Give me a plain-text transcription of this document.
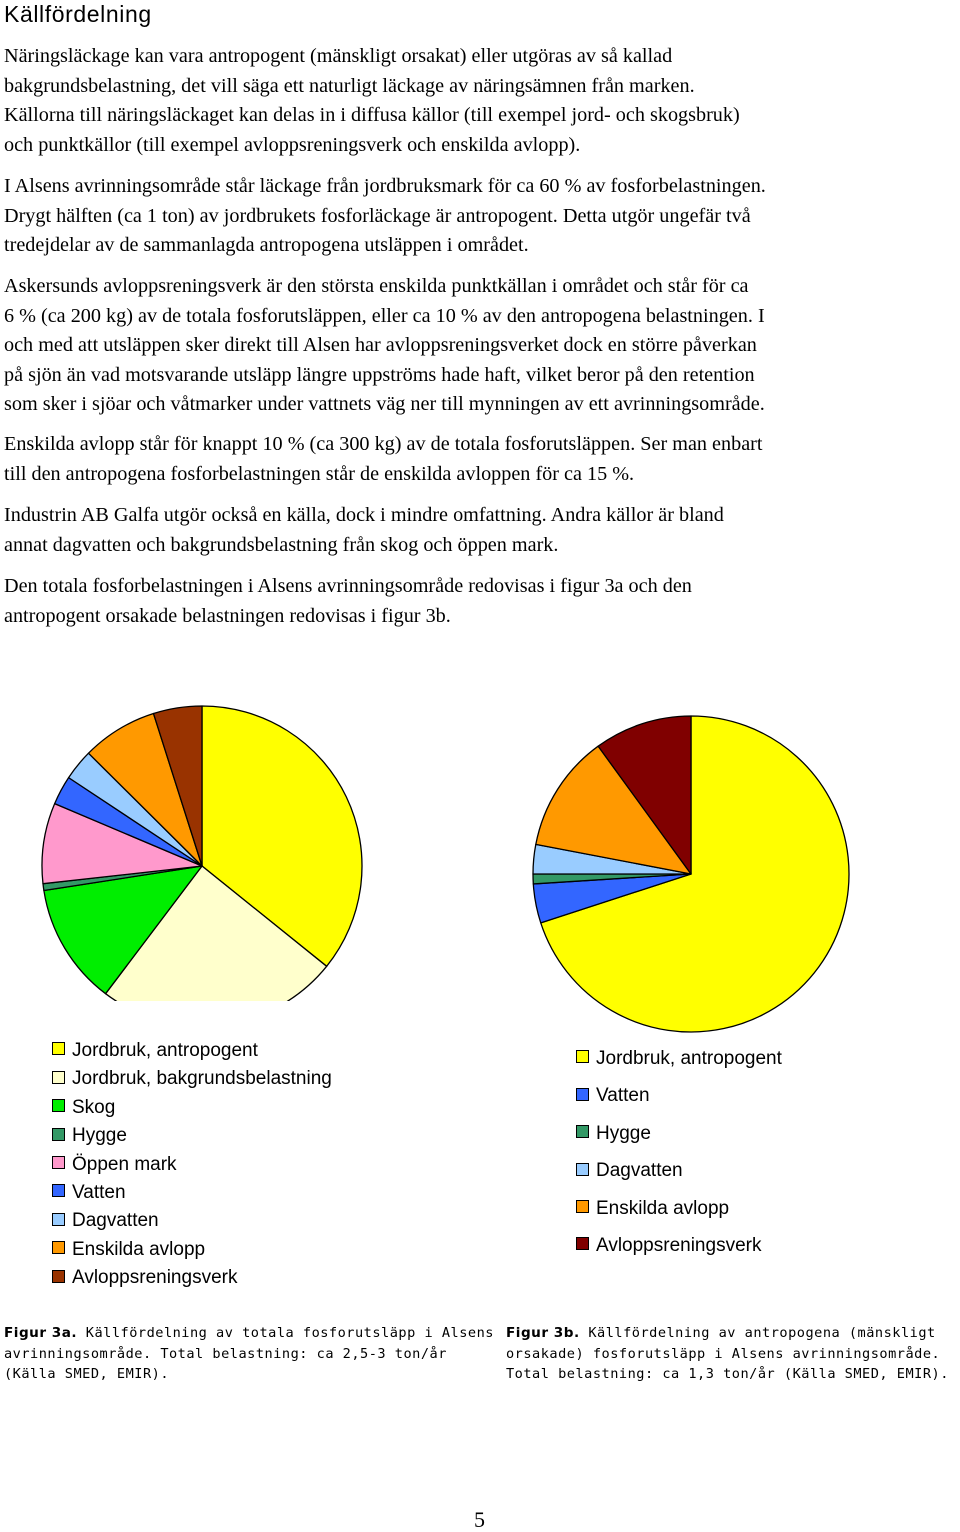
Källfördelning
Näringsläckage kan vara antropogent (mänskligt orsakat) eller utgöras av så kallad
bakgrundsbelastning, det vill säga ett naturligt läckage av näringsämnen från marken.
Källorna till näringsläckaget kan delas in i diffusa källor (till exempel jord- och skogsbruk)
och punktkällor (till exempel avloppsreningsverk och enskilda avlopp).
I Alsens avrinningsområde står läckage från jordbruksmark för ca 60 % av fosforbelastningen.
Drygt hälften (ca 1 ton) av jordbrukets fosforläckage är antropogent. Detta utgör ungefär två
tredejdelar av de sammanlagda antropogena utsläppen i området.
Askersunds avloppsreningsverk är den största enskilda punktkällan i området och står för ca
6 % (ca 200 kg) av de totala fosforutsläppen, eller ca 10 % av den antropogena belastningen. I
och med att utsläppen sker direkt till Alsen har avloppsreningsverket dock en större påverkan
på sjön än vad motsvarande utsläpp längre uppströms hade haft, vilket beror på den retention
som sker i sjöar och våtmarker under vattnets väg ner till mynningen av ett avrinningsområde.
Enskilda avlopp står för knappt 10 % (ca 300 kg) av de totala fosforutsläppen. Ser man enbart
till den antropogena fosforbelastningen står de enskilda avloppen för ca 15 %.
Industrin AB Galfa utgör också en källa, dock i mindre omfattning. Andra källor är bland
annat dagvatten och bakgrundsbelastning från skog och öppen mark.
Den totala fosforbelastningen i Alsens avrinningsområde redovisas i figur 3a och den
antropogent orsakade belastningen redovisas i figur 3b.
Jordbruk, antropogent
Jordbruk, bakgrundsbelastning
Skog
Hygge
Öppen mark
Vatten
Dagvatten
Enskilda avlopp
Avloppsreningsverk
Jordbruk, antropogent
Vatten
Hygge
Dagvatten
Enskilda avlopp
Avloppsreningsverk
Figur 3a. Källfördelning av totala fosforutsläpp i Alsens
avrinningsområde. Total belastning: ca 2,5-3 ton/år
(Källa SMED, EMIR).
Figur 3b. Källfördelning av antropogena (mänskligt
orsakade) fosforutsläpp i Alsens avrinningsområde.
Total belastning: ca 1,3 ton/år (Källa SMED, EMIR).
5
